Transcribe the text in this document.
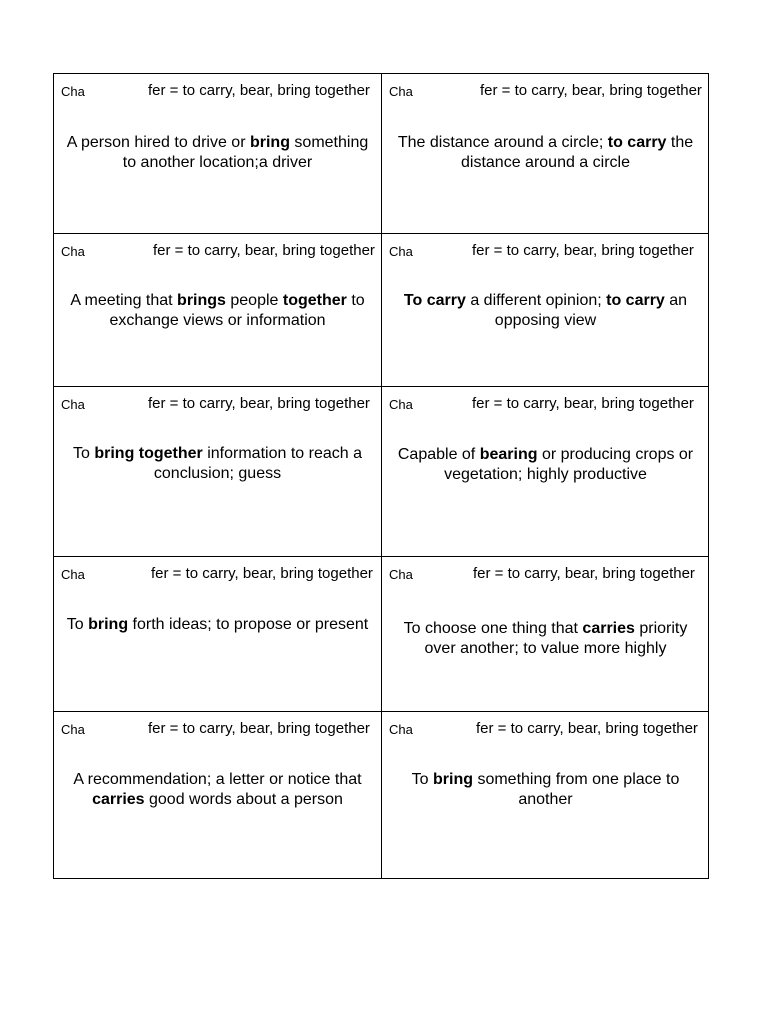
Cha	fer = to carry, bear, bring together
A person hired to drive or bring something to another location;a driver
Cha	fer = to carry, bear, bring together
The distance around a circle; to carry the distance around a circle
Cha	fer = to carry, bear, bring together
A meeting that brings people together to exchange views or information
Cha	fer = to carry, bear, bring together
To carry a different opinion; to carry an opposing view
Cha	fer = to carry, bear, bring together
To bring together information to reach a conclusion; guess
Cha	fer = to carry, bear, bring together
Capable of bearing or producing crops or vegetation; highly productive
Cha	fer = to carry, bear, bring together
To bring forth ideas; to propose or present
Cha	fer = to carry, bear, bring together
To choose one thing that carries priority over another; to value more highly
Cha	fer = to carry, bear, bring together
A recommendation; a letter or notice that carries good words about a person
Cha	fer = to carry, bear, bring together
To bring something from one place to another
